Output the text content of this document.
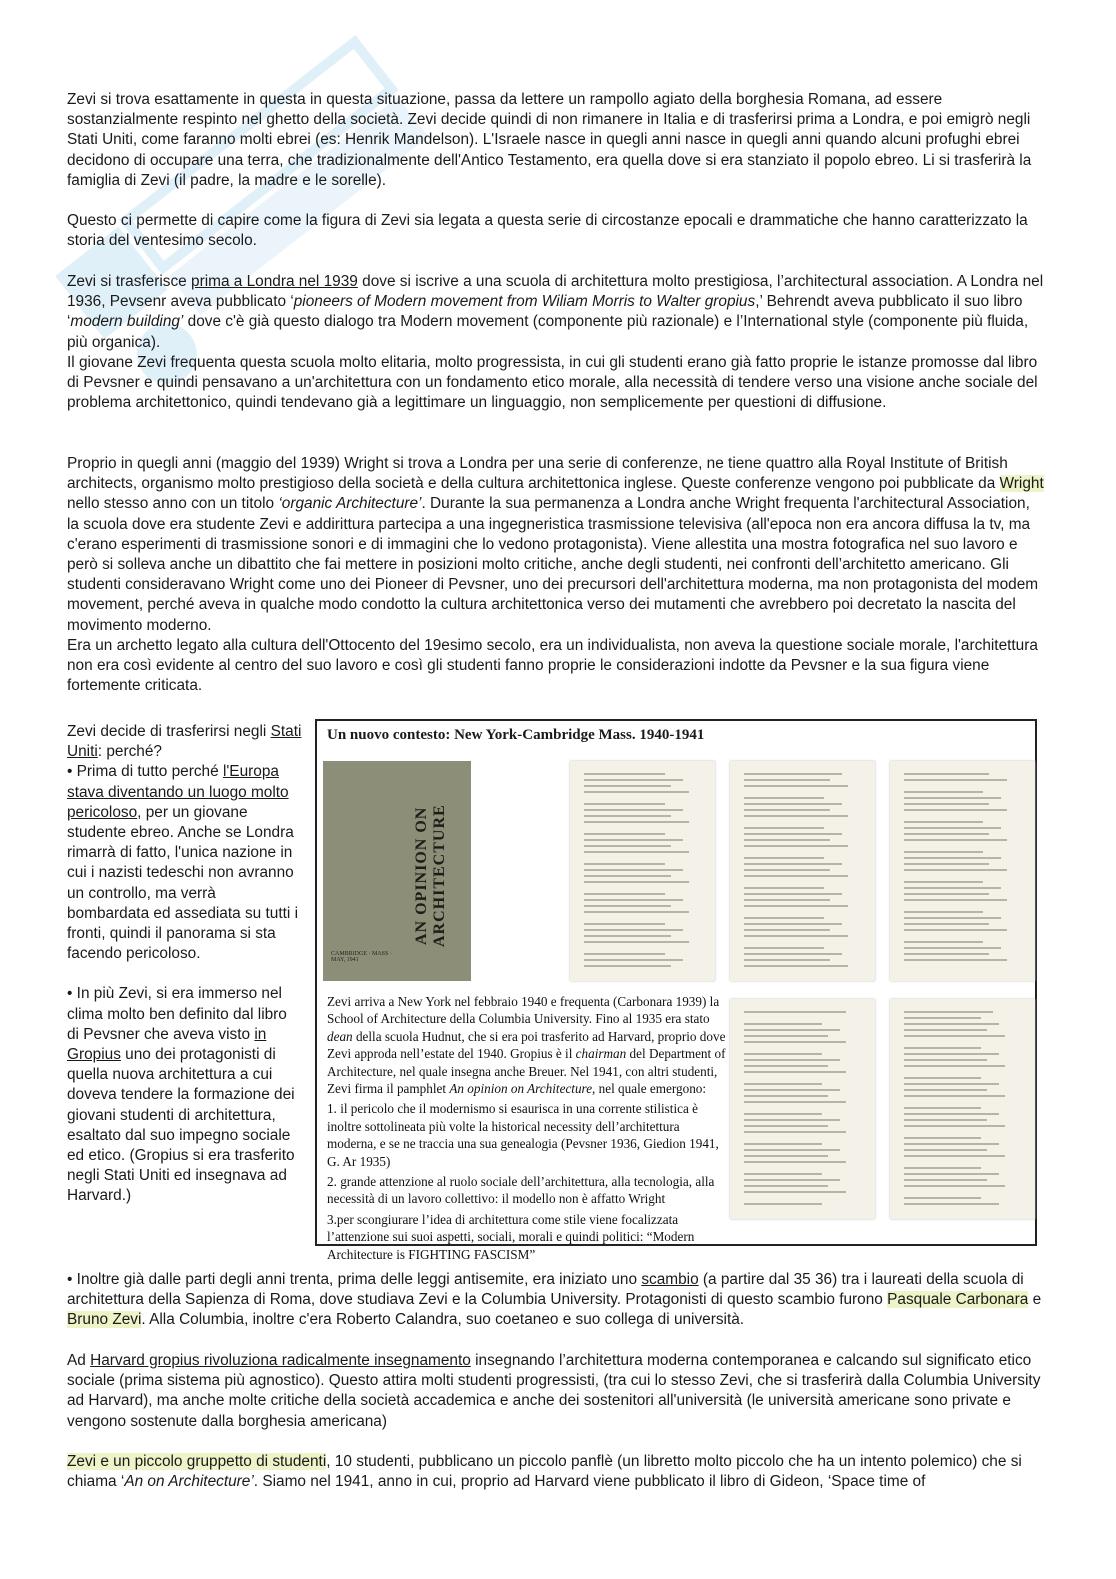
Zevi si trova esattamente in questa in questa situazione, passa da lettere un rampollo agiato della borghesia Romana, ad essere sostanzialmente respinto nel ghetto della società. Zevi decide quindi di non rimanere in Italia e di trasferirsi prima a Londra, e poi emigrò negli Stati Uniti, come faranno molti ebrei (es: Henrik Mandelson). L'Israele nasce in quegli anni nasce in quegli anni quando alcuni profughi ebrei decidono di occupare una terra, che tradizionalmente dell'Antico Testamento, era quella dove si era stanziato il popolo ebreo. Li si trasferirà la famiglia di Zevi (il padre, la madre e le sorelle).

Questo ci permette di capire come la figura di Zevi sia legata a questa serie di circostanze epocali e drammatiche che hanno caratterizzato la storia del ventesimo secolo.

Zevi si trasferisce prima a Londra nel 1939 dove si iscrive a una scuola di architettura molto prestigiosa, l’architectural association. A Londra nel 1936, Pevsenr aveva pubblicato ‘pioneers of Modern movement from Wiliam Morris to Walter gropius,’ Behrendt aveva pubblicato il suo libro ‘modern building’ dove c'è già questo dialogo tra Modern movement (componente più razionale) e l’International style (componente più fluida, più organica).

Il giovane Zevi frequenta questa scuola molto elitaria, molto progressista, in cui gli studenti erano già fatto proprie le istanze promosse dal libro di Pevsner e quindi pensavano a un'architettura con un fondamento etico morale, alla necessità di tendere verso una visione anche sociale del problema architettonico, quindi tendevano già a legittimare un linguaggio, non semplicemente per questioni di diffusione.

Proprio in quegli anni (maggio del 1939) Wright si trova a Londra per una serie di conferenze, ne tiene quattro alla Royal Institute of British architects, organismo molto prestigioso della società e della cultura architettonica inglese. Queste conferenze vengono poi pubblicate da Wright nello stesso anno con un titolo ‘organic Architecture’. Durante la sua permanenza a Londra anche Wright frequenta l'architectural Association, la scuola dove era studente Zevi e addirittura partecipa a una ingegneristica trasmissione televisiva (all'epoca non era ancora diffusa la tv, ma c'erano esperimenti di trasmissione sonori e di immagini che lo vedono protagonista). Viene allestita una mostra fotografica nel suo lavoro e però si solleva anche un dibattito che fai mettere in posizioni molto critiche, anche degli studenti, nei confronti dell’architetto americano. Gli studenti consideravano Wright come uno dei Pioneer di Pevsner, uno dei precursori dell'architettura moderna, ma non protagonista del modem movement, perché aveva in qualche modo condotto la cultura architettonica verso dei mutamenti che avrebbero poi decretato la nascita del movimento moderno.

Era un archetto legato alla cultura dell'Ottocento del 19esimo secolo, era un individualista, non aveva la questione sociale morale, l'architettura non era così evidente al centro del suo lavoro e così gli studenti fanno proprie le considerazioni indotte da Pevsner e la sua figura viene fortemente criticata.

Zevi decide di trasferirsi negli Stati Uniti: perché?

• Prima di tutto perché l'Europa stava diventando un luogo molto pericoloso, per un giovane studente ebreo. Anche se Londra rimarrà di fatto, l'unica nazione in cui i nazisti tedeschi non avranno un controllo, ma verrà bombardata ed assediata su tutti i fronti, quindi il panorama si sta facendo pericoloso.

• In più Zevi, si era immerso nel clima molto ben definito dal libro di Pevsner che aveva visto in Gropius uno dei protagonisti di quella nuova architettura a cui doveva tendere la formazione dei giovani studenti di architettura, esaltato dal suo impegno sociale ed etico. (Gropius si era trasferito negli Stati Uniti ed insegnava ad Harvard.)

Un nuovo contesto: New York-Cambridge Mass. 1940-1941
AN OPINION ON ARCHITECTURE
CAMBRIDGE · MASS · MAY, 1941

Zevi arriva a New York nel febbraio 1940 e frequenta (Carbonara 1939) la School of Architecture della Columbia University. Fino al 1935 era stato dean della scuola Hudnut, che si era poi trasferito ad Harvard, proprio dove Zevi approda nell’estate del 1940. Gropius è il chairman del Department of Architecture, nel quale insegna anche Breuer. Nel 1941, con altri studenti, Zevi firma il pamphlet An opinion on Architecture, nel quale emergono:

1. il pericolo che il modernismo si esaurisca in una corrente stilistica è inoltre sottolineata più volte la historical necessity dell’architettura moderna, e se ne traccia una sua genealogia (Pevsner 1936, Giedion 1941, G. Ar 1935)

2. grande attenzione al ruolo sociale dell’architettura, alla tecnologia, alla necessità di un lavoro collettivo: il modello non è affatto Wright

3.per scongiurare l’idea di architettura come stile viene focalizzata l’attenzione sui suoi aspetti, sociali, morali e quindi politici: “Modern Architecture is FIGHTING FASCISM”

• Inoltre già dalle parti degli anni trenta, prima delle leggi antisemite, era iniziato uno scambio (a partire dal 35 36) tra i laureati della scuola di architettura della Sapienza di Roma, dove studiava Zevi e la Columbia University. Protagonisti di questo scambio furono Pasquale Carbonara e Bruno Zevi. Alla Columbia, inoltre c'era Roberto Calandra, suo coetaneo e suo collega di università.

Ad Harvard gropius rivoluziona radicalmente insegnamento insegnando l’architettura moderna contemporanea e calcando sul significato etico sociale (prima sistema più agnostico). Questo attira molti studenti progressisti, (tra cui lo stesso Zevi, che si trasferirà dalla Columbia University ad Harvard), ma anche molte critiche della società accademica e anche dei sostenitori all'università (le università americane sono private e vengono sostenute dalla borghesia americana)

Zevi e un piccolo gruppetto di studenti, 10 studenti, pubblicano un piccolo panflè (un libretto molto piccolo che ha un intento polemico) che si chiama ‘An on Architecture’. Siamo nel 1941, anno in cui, proprio ad Harvard viene pubblicato il libro di Gideon, ‘Space time of
